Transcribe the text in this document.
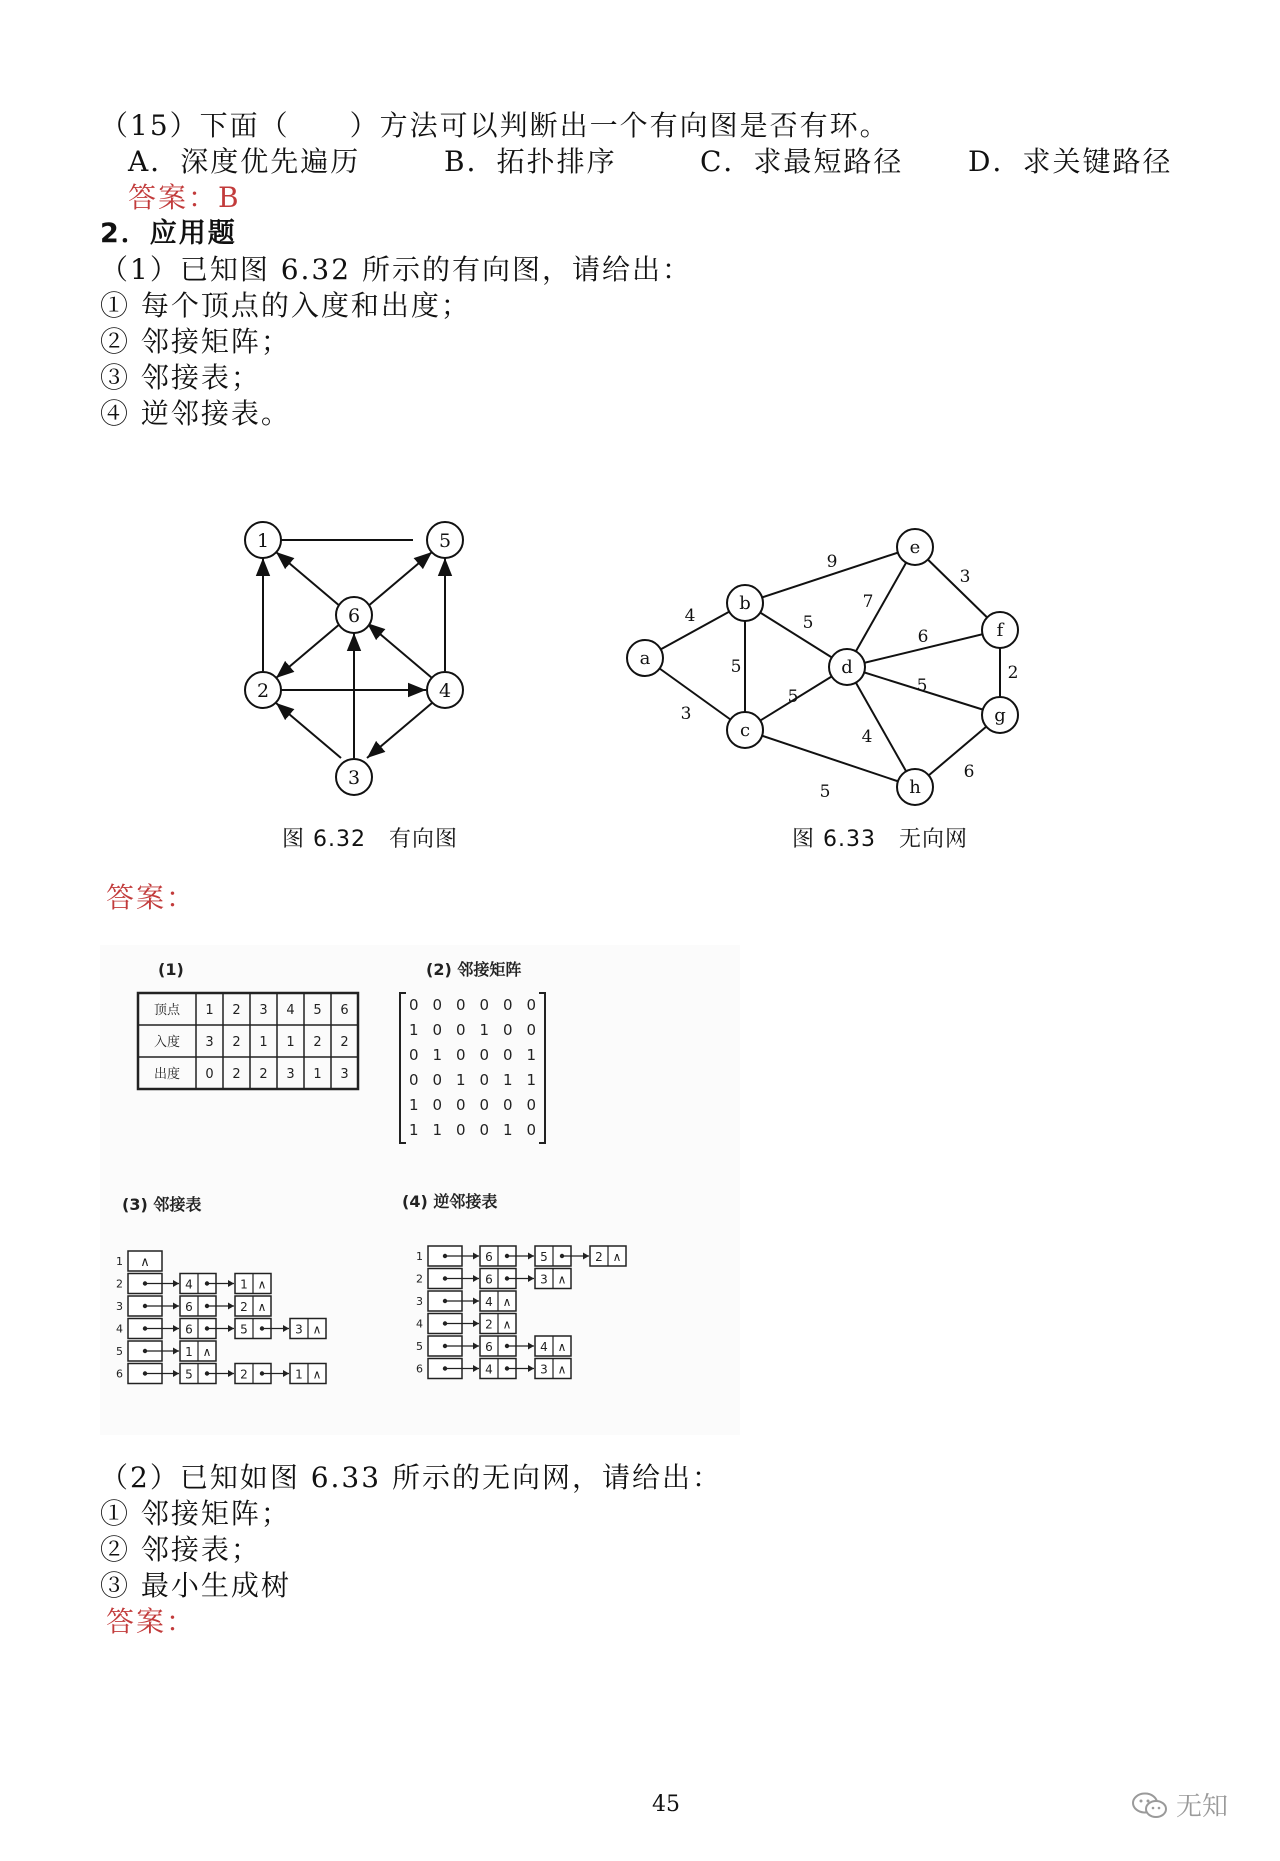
（15）下面（　　）方法可以判断出一个有向图是否有环。
A．深度优先遍历	B．拓扑排序	C．求最短路径 D．求关键路径
答案：B
2．应用题
（1）已知图 6.32 所示的有向图，请给出：
① 每个顶点的入度和出度；
② 邻接矩阵；
③ 邻接表；
④ 逆邻接表。
1	5
6
2	4
3
图 6.32　有向图
4
3
5
9
5
5
5
7
6
5
4
3
2
6
a
b
c
d
e
f
g
h
图 6.33　无向网
答案：
(1)	(2) 邻接矩阵
(3) 邻接表	(4) 逆邻接表
顶点 1 2 3 4 5 6
入度 3 2 1 1 2 2
出度 0 2 2 3 1 3
0 0 0 0 0 0
1 0 0 1 0 0
0 1 0 0 0 1
0 0 1 0 1 1
1 0 0 0 0 0
1 1 0 0 1 0
1 ∧
2	4	1 ∧
3	6	2 ∧
4	6	5	3 ∧
5	1 ∧
6	5	2	1 ∧
1	6	5	2 ∧
2	6	3 ∧
3	4 ∧
4	2 ∧
5	6	4 ∧
6	4	3 ∧
（2）已知如图 6.33 所示的无向网，请给出：
① 邻接矩阵；
② 邻接表；
③ 最小生成树
答案：
45	无知
